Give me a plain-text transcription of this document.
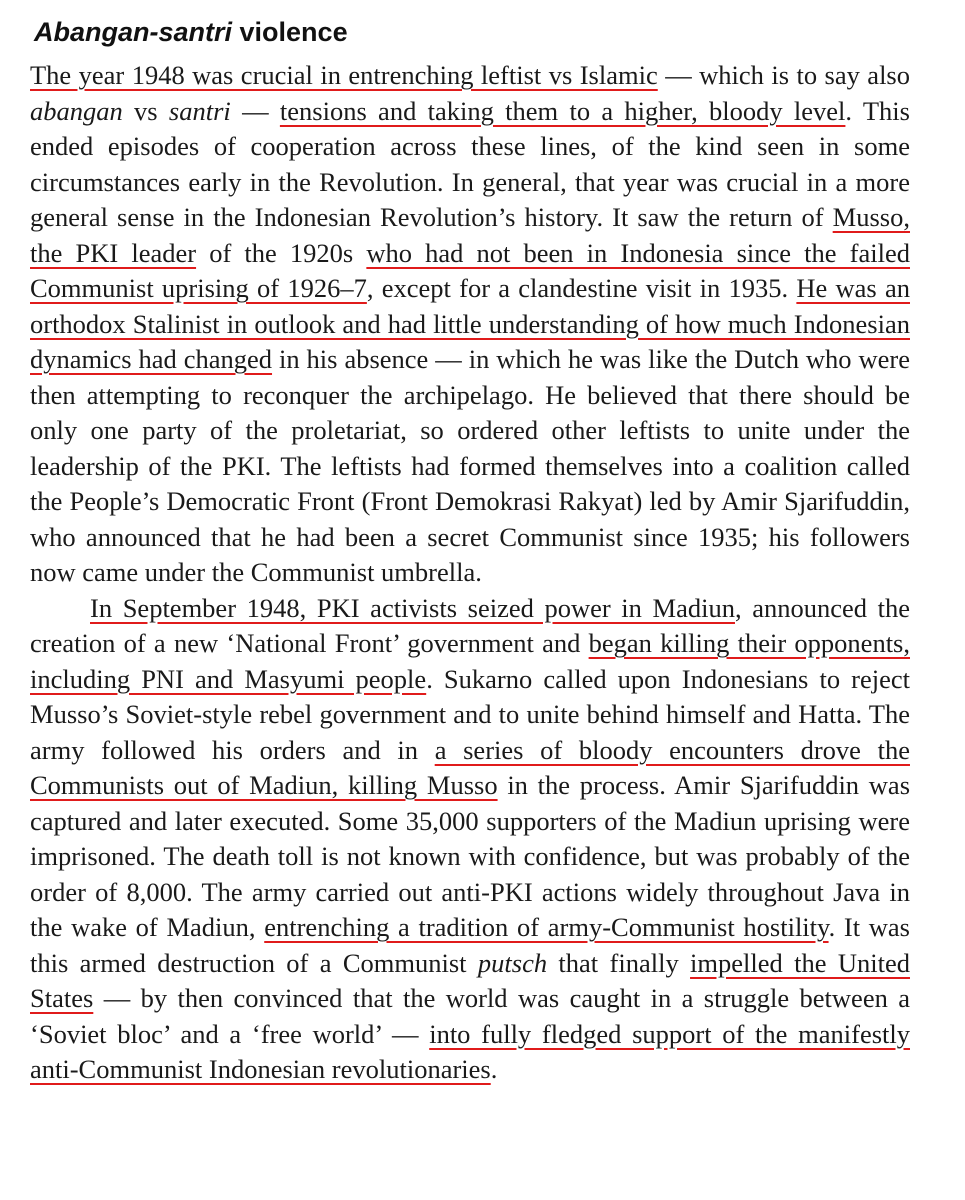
Abangan-santri violence

The year 1948 was crucial in entrenching leftist vs Islamic — which is to say also abangan vs santri — tensions and taking them to a higher, bloody level. This ended episodes of cooperation across these lines, of the kind seen in some circumstances early in the Revolution. In general, that year was crucial in a more general sense in the Indonesian Revolution’s history. It saw the return of Musso, the PKI leader of the 1920s who had not been in Indonesia since the failed Communist uprising of 1926–7, except for a clandestine visit in 1935. He was an orthodox Stalinist in outlook and had little understanding of how much Indonesian dynamics had changed in his absence — in which he was like the Dutch who were then attempting to reconquer the archipelago. He believed that there should be only one party of the proletariat, so ordered other leftists to unite under the leadership of the PKI. The leftists had formed themselves into a coalition called the People’s Democratic Front (Front Demokrasi Rakyat) led by Amir Sjarifuddin, who announced that he had been a secret Communist since 1935; his followers now came under the Communist umbrella.

In September 1948, PKI activists seized power in Madiun, announced the creation of a new ‘National Front’ government and began killing their opponents, including PNI and Masyumi people. Sukarno called upon Indonesians to reject Musso’s Soviet-style rebel government and to unite behind himself and Hatta. The army followed his orders and in a series of bloody encounters drove the Communists out of Madiun, killing Musso in the process. Amir Sjarifuddin was captured and later executed. Some 35,000 supporters of the Madiun uprising were imprisoned. The death toll is not known with confidence, but was probably of the order of 8,000. The army carried out anti-PKI actions widely throughout Java in the wake of Madiun, entrenching a tradition of army-Communist hostility. It was this armed destruction of a Communist putsch that finally impelled the United States — by then convinced that the world was caught in a struggle between a ‘Soviet bloc’ and a ‘free world’ — into fully fledged support of the manifestly anti-Communist Indonesian revolutionaries.
